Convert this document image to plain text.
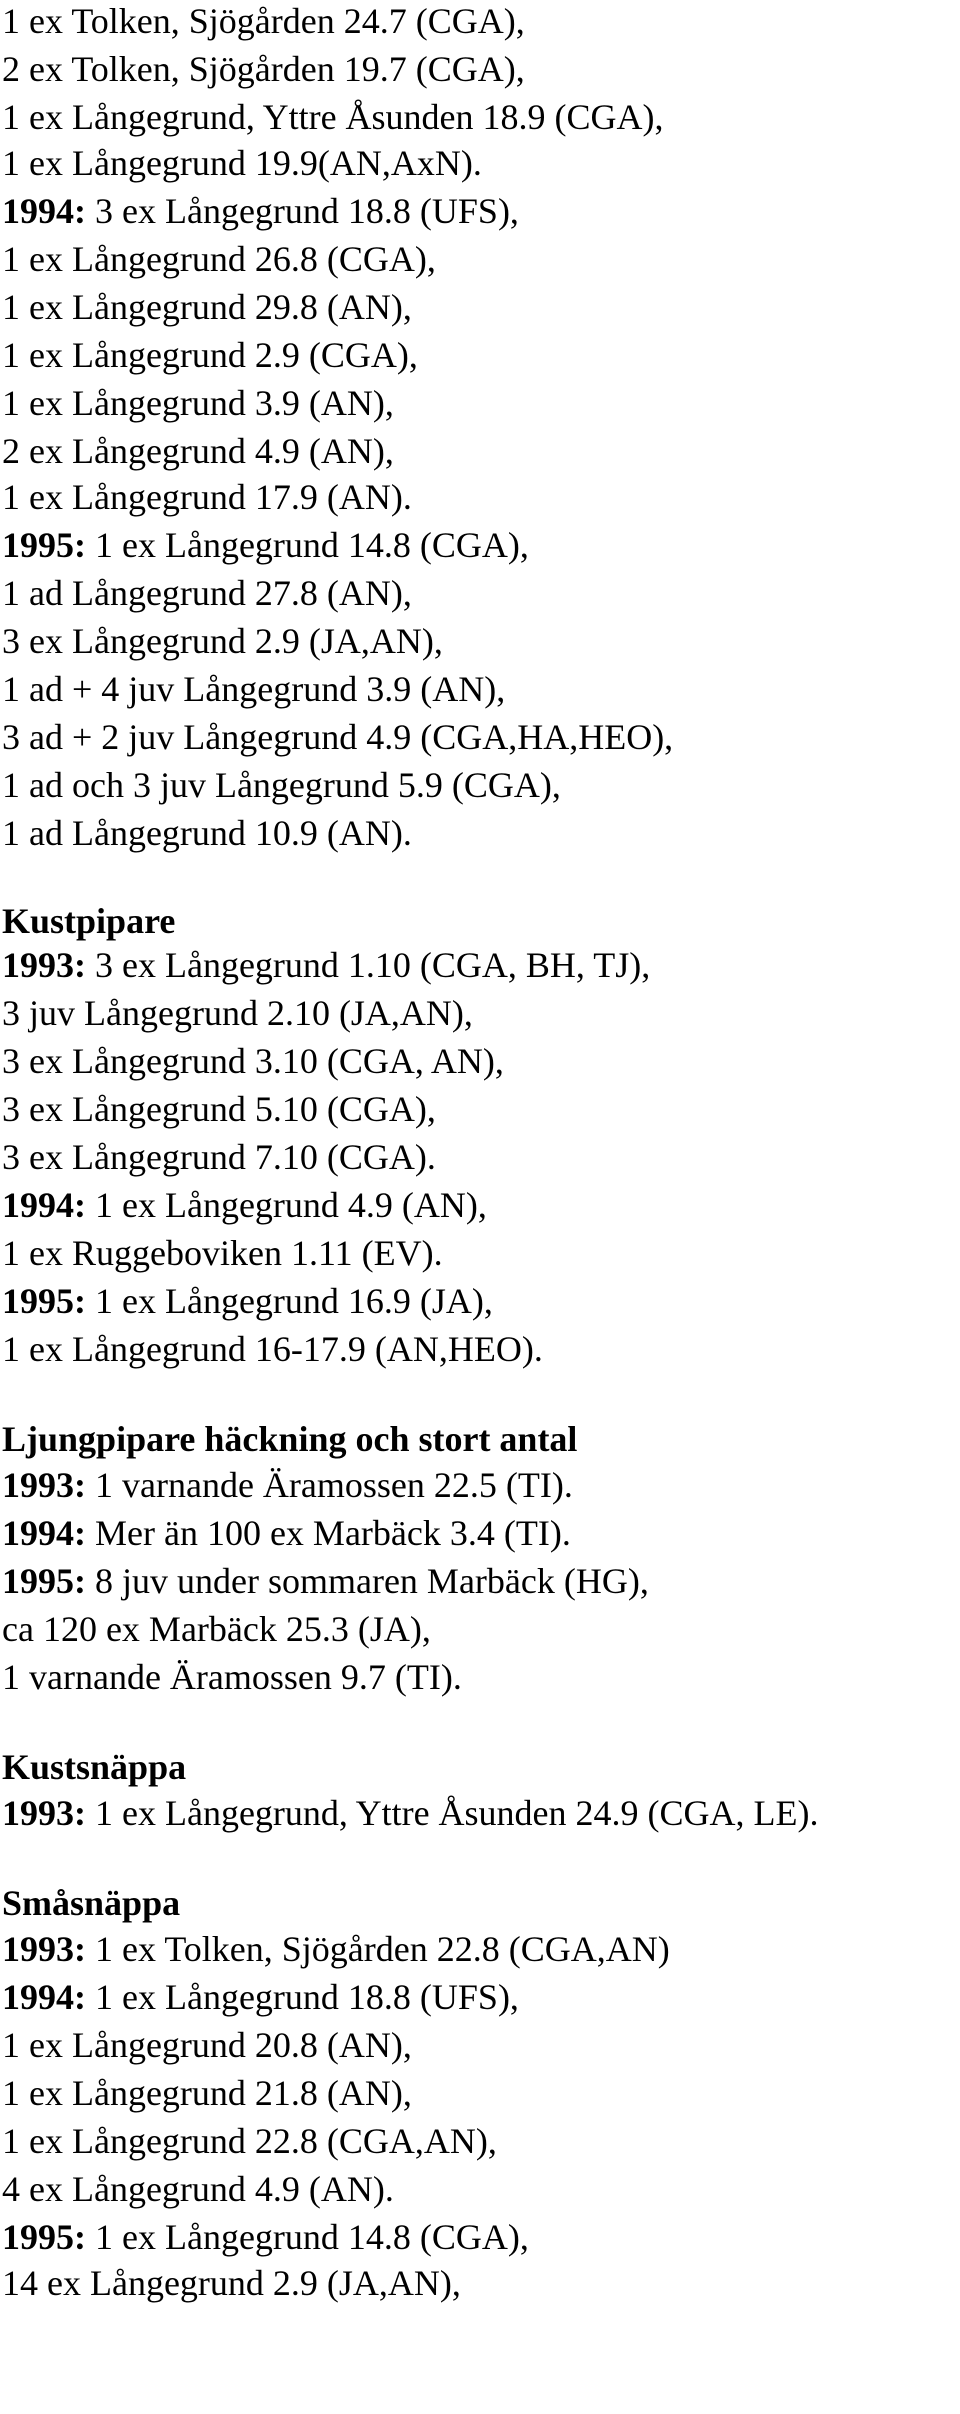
1 ex Tolken, Sjögården 24.7 (CGA),
2 ex Tolken, Sjögården 19.7 (CGA),
1 ex Långegrund, Yttre Åsunden 18.9 (CGA),
1 ex Långegrund 19.9(AN,AxN).
1994: 3 ex Långegrund 18.8 (UFS),
1 ex Långegrund 26.8 (CGA),
1 ex Långegrund 29.8 (AN),
1 ex Långegrund 2.9 (CGA),
1 ex Långegrund 3.9 (AN),
2 ex Långegrund 4.9 (AN),
1 ex Långegrund 17.9 (AN).
1995: 1 ex Långegrund 14.8 (CGA),
1 ad Långegrund 27.8 (AN),
3 ex Långegrund 2.9 (JA,AN),
1 ad + 4 juv Långegrund 3.9 (AN),
3 ad + 2 juv Långegrund 4.9 (CGA,HA,HEO),
1 ad och 3 juv Långegrund 5.9 (CGA),
1 ad Långegrund 10.9 (AN).
Kustpipare
1993: 3 ex Långegrund 1.10 (CGA, BH, TJ),
3 juv Långegrund 2.10 (JA,AN),
3 ex Långegrund 3.10 (CGA, AN),
3 ex Långegrund 5.10 (CGA),
3 ex Långegrund 7.10 (CGA).
1994: 1 ex Långegrund 4.9 (AN),
1 ex Ruggeboviken 1.11 (EV).
1995: 1 ex Långegrund 16.9 (JA),
1 ex Långegrund 16-17.9 (AN,HEO).
Ljungpipare häckning och stort antal
1993: 1 varnande Äramossen 22.5 (TI).
1994: Mer än 100 ex Marbäck 3.4 (TI).
1995: 8 juv under sommaren Marbäck (HG),
ca 120 ex Marbäck 25.3 (JA),
1 varnande Äramossen 9.7 (TI).
Kustsnäppa
1993: 1 ex Långegrund, Yttre Åsunden 24.9 (CGA, LE).
Småsnäppa
1993: 1 ex Tolken, Sjögården 22.8 (CGA,AN)
1994: 1 ex Långegrund 18.8 (UFS),
1 ex Långegrund 20.8 (AN),
1 ex Långegrund 21.8 (AN),
1 ex Långegrund 22.8 (CGA,AN),
4 ex Långegrund 4.9 (AN).
1995: 1 ex Långegrund 14.8 (CGA),
14 ex Långegrund 2.9 (JA,AN),
